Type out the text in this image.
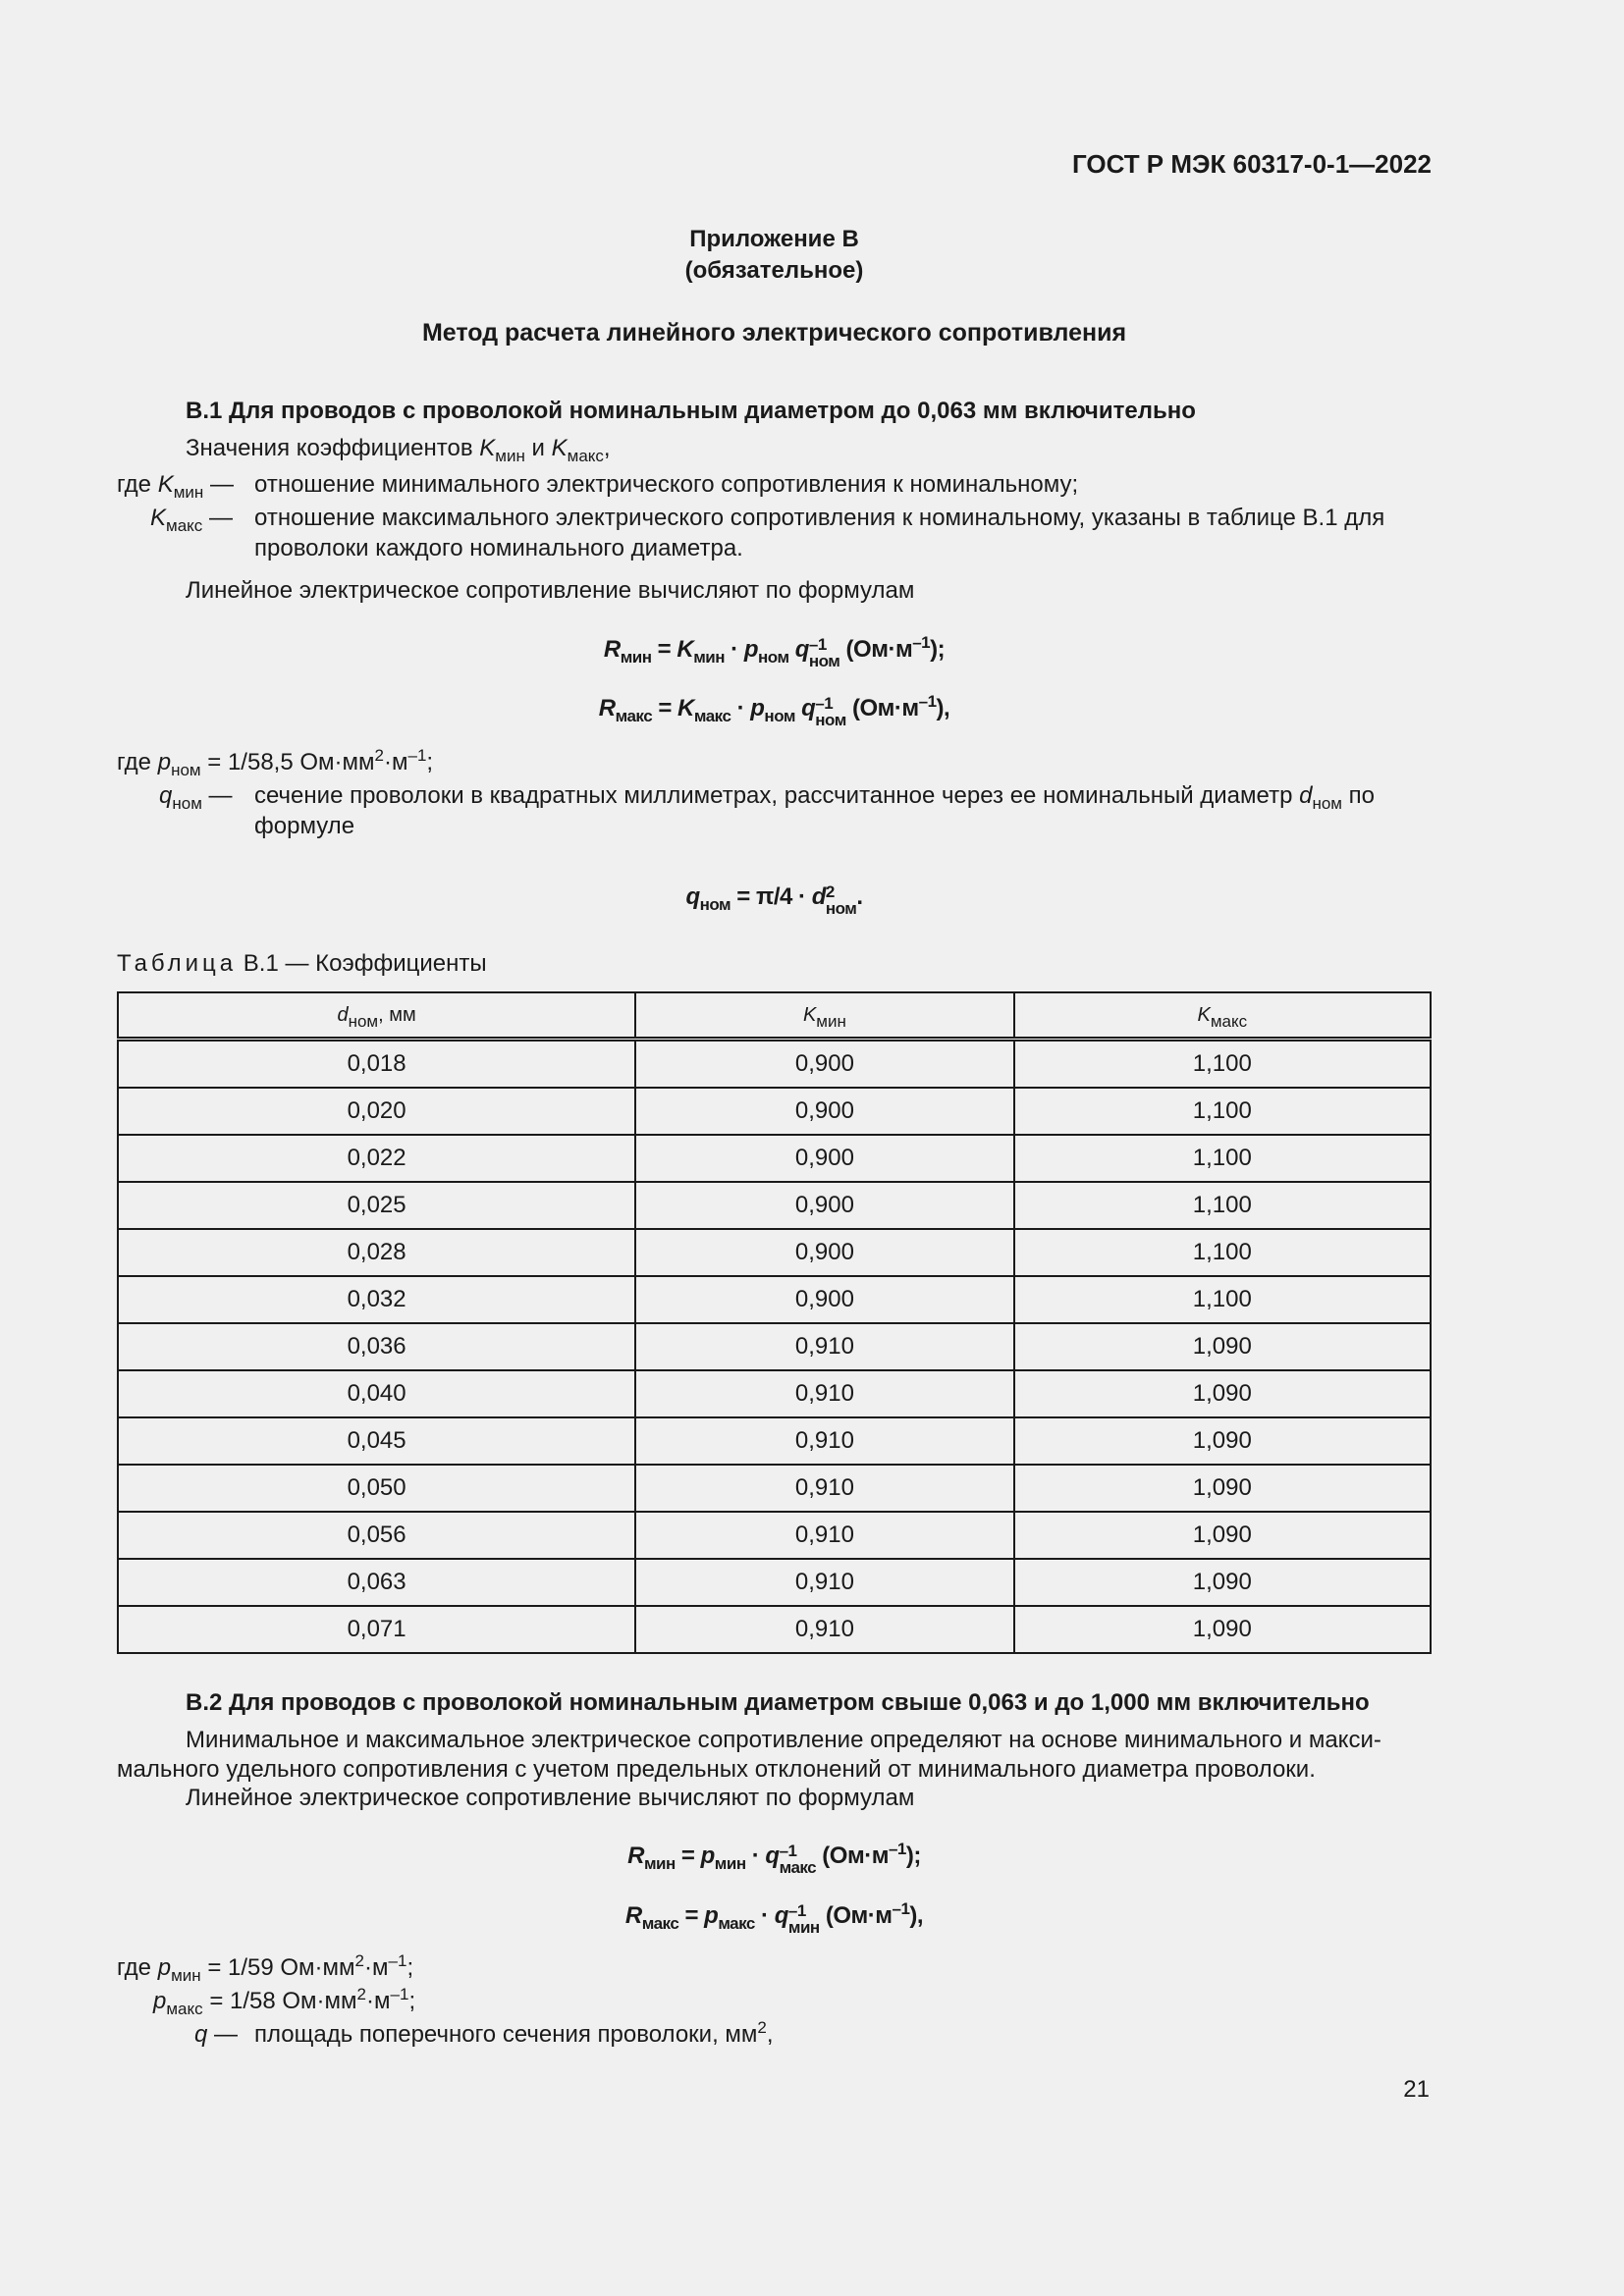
ГОСТ Р МЭК 60317-0-1—2022
Приложение В
(обязательное)
Метод расчета линейного электрического сопротивления
В.1 Для проводов с проволокой номинальным диаметром до 0,063 мм включительно
Значения коэффициентов $K_{мин}$ и $K_{макс}$,
где $K_{мин}$ — отношение минимального электрического сопротивления к номинальному;
$K_{макс}$ — отношение максимального электрического сопротивления к номинальному, указаны в таблице В.1 для
проволоки каждого номинального диаметра.
Линейное электрическое сопротивление вычисляют по формулам
$R_{мин} = K_{мин} \cdot p_{ном}$ q –1
ном $(Ом\cdot м^{-1})$;
$R_{макс} = K_{макс} \cdot p_{ном}$ q –1
ном $(Ом\cdot м^{-1})$,
где $p_{ном} = 1/58,5$ $Ом\cdot мм^2\cdot м^{-1}$;
$q_{ном}$ — сечение проволоки в квадратных миллиметрах, рассчитанное через ее номинальный диаметр $d_{ном}$ по
формуле
$q_{ном} = \pi/4 \cdot d$ 2
ном .
Таблица В.1 — Коэффициенты
$d_{ном}$, мм	$K_{мин}$	$K_{макс}$
0,018	0,900	1,100
0,020	0,900	1,100
0,022	0,900	1,100
0,025	0,900	1,100
0,028	0,900	1,100
0,032	0,900	1,100
0,036	0,910	1,090
0,040	0,910	1,090
0,045	0,910	1,090
0,050	0,910	1,090
0,056	0,910	1,090
0,063	0,910	1,090
0,071	0,910	1,090
В.2 Для проводов с проволокой номинальным диаметром свыше 0,063 и до 1,000 мм включительно
Минимальное и максимальное электрическое сопротивление определяют на основе минимального и макси-
мального удельного сопротивления с учетом предельных отклонений от минимального диаметра проволоки.
Линейное электрическое сопротивление вычисляют по формулам
$R_{мин} = p_{мин} \cdot q$ –1
макс $(Ом\cdot м^{-1})$;
$R_{макс} = p_{макс} \cdot q$ –1
мин $(Ом\cdot м^{-1})$,
где $p_{мин} = 1/59$ $Ом\cdot мм^2\cdot м^{-1}$;
$p_{макс} = 1/58$ $Ом\cdot мм^2\cdot м^{-1}$;
q — площадь поперечного сечения проволоки, $мм^2$,
21
